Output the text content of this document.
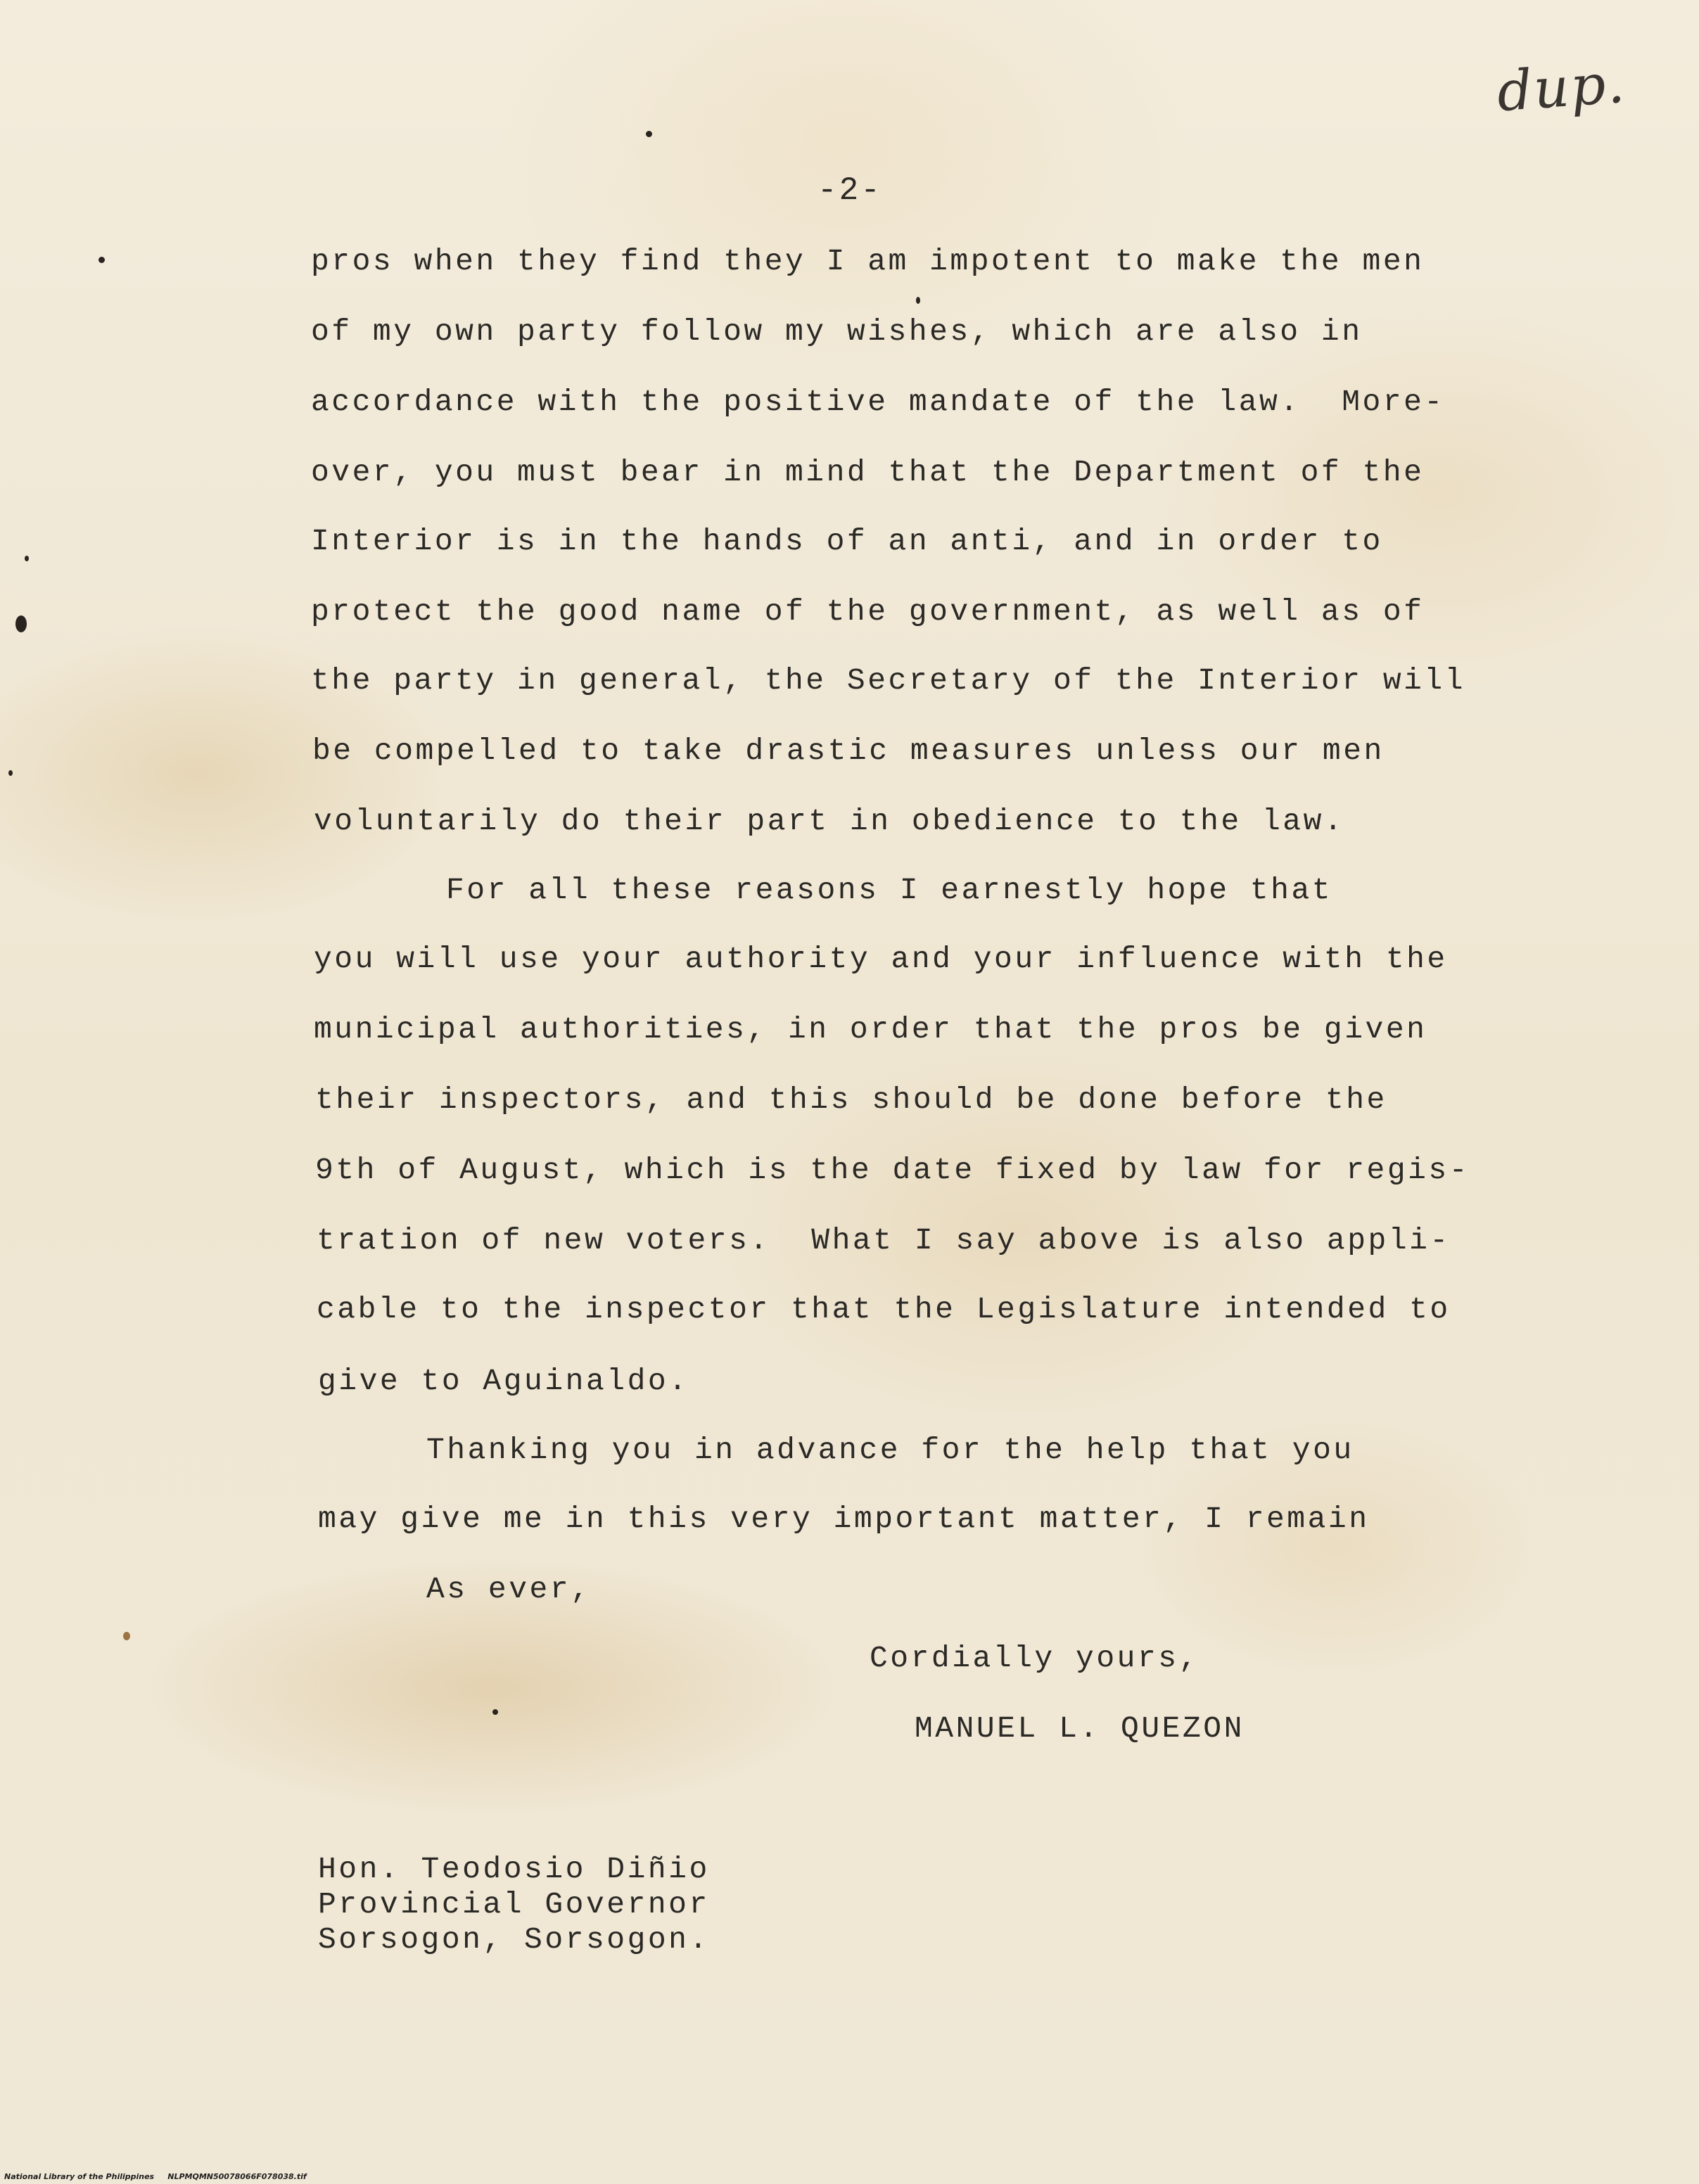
dup.
-2-
pros when they find they I am impotent to make the men
of my own party follow my wishes, which are also in
accordance with the positive mandate of the law.  More-
over, you must bear in mind that the Department of the
Interior is in the hands of an anti, and in order to
protect the good name of the government, as well as of
the party in general, the Secretary of the Interior will
be compelled to take drastic measures unless our men
voluntarily do their part in obedience to the law.
For all these reasons I earnestly hope that
you will use your authority and your influence with the
municipal authorities, in order that the pros be given
their inspectors, and this should be done before the
9th of August, which is the date fixed by law for regis-
tration of new voters.  What I say above is also appli-
cable to the inspector that the Legislature intended to
give to Aguinaldo.
Thanking you in advance for the help that you
may give me in this very important matter, I remain
As ever,
Cordially yours,
MANUEL L. QUEZON
Hon. Teodosio Diñio
Provincial Governor
Sorsogon, Sorsogon.
National Library of the Philippines NLPMQMN50078066F078038.tif
